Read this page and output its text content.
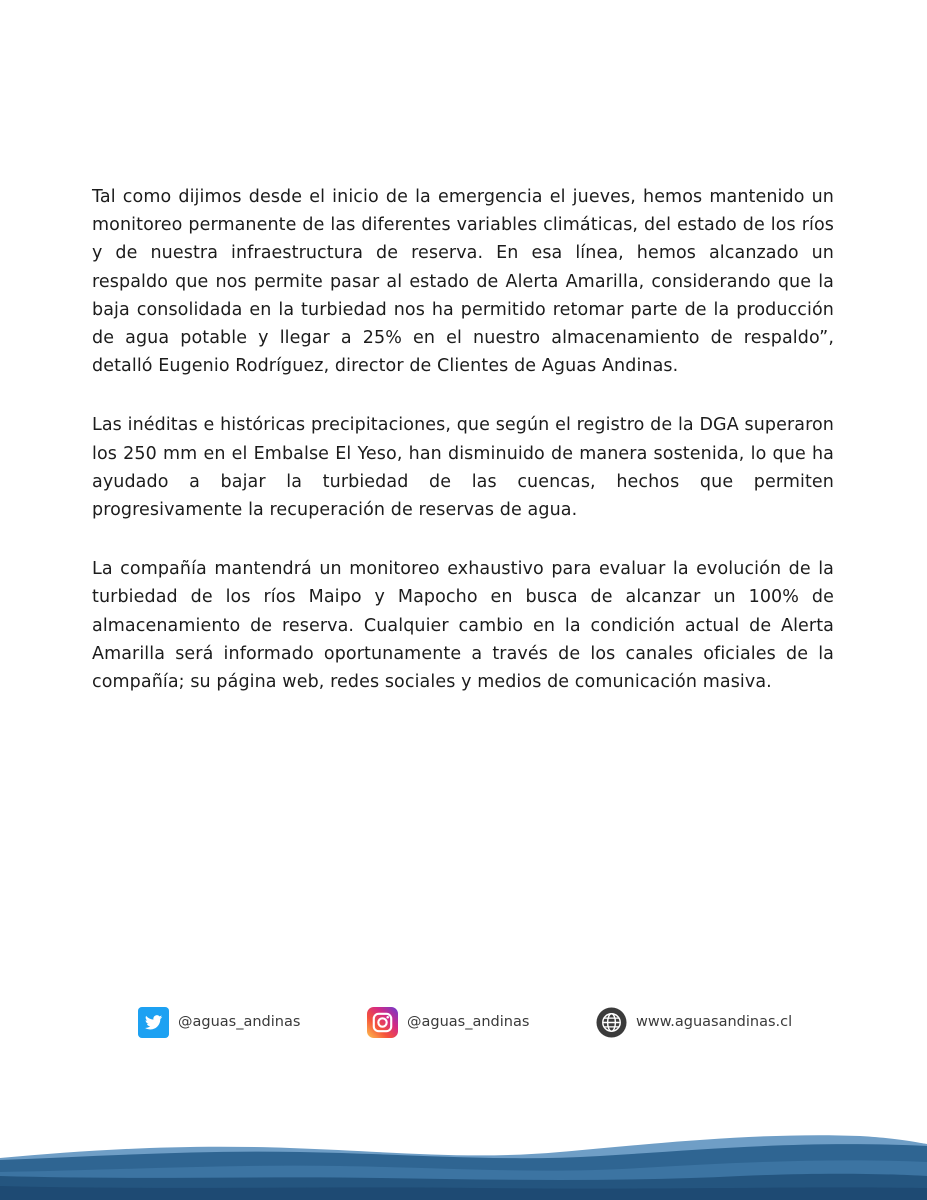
Tal como dijimos desde el inicio de la emergencia el jueves, hemos mantenido un monitoreo permanente de las diferentes variables climáticas, del estado de los ríos y de nuestra infraestructura de reserva. En esa línea, hemos alcanzado un respaldo que nos permite pasar al estado de Alerta Amarilla, considerando que la baja consolidada en la turbiedad nos ha permitido retomar parte de la producción de agua potable y llegar a 25% en el nuestro almacenamiento de respaldo”, detalló Eugenio Rodríguez, director de Clientes de Aguas Andinas.

Las inéditas e históricas precipitaciones, que según el registro de la DGA superaron los 250 mm en el Embalse El Yeso, han disminuido de manera sostenida, lo que ha ayudado a bajar la turbiedad de las cuencas, hechos que permiten progresivamente la recuperación de reservas de agua.

La compañía mantendrá un monitoreo exhaustivo para evaluar la evolución de la turbiedad de los ríos Maipo y Mapocho en busca de alcanzar un 100% de almacenamiento de reserva. Cualquier cambio en la condición actual de Alerta Amarilla será informado oportunamente a través de los canales oficiales de la compañía; su página web, redes sociales y medios de comunicación masiva.

@aguas_andinas	@aguas_andinas	www.aguasandinas.cl
